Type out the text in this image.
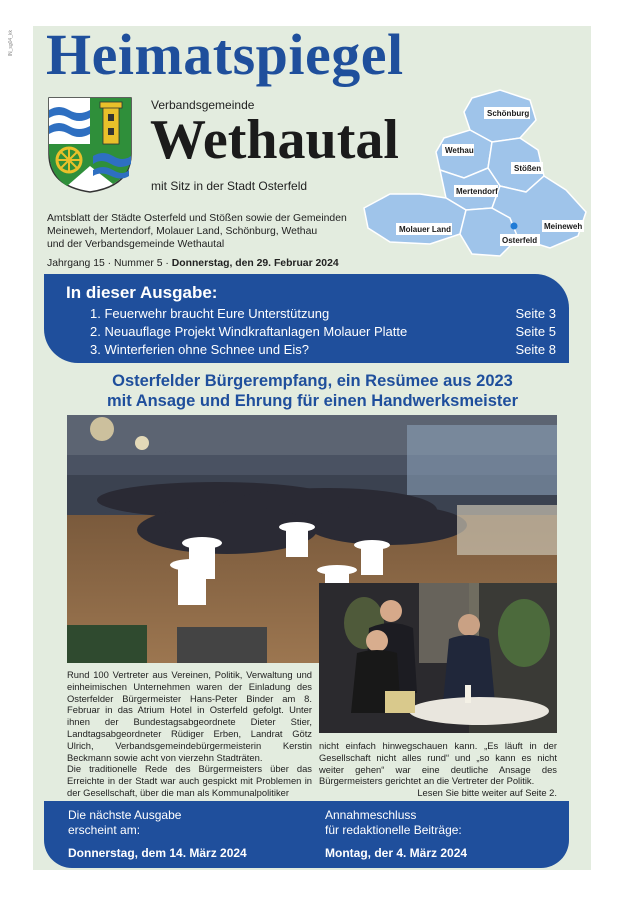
IN_sg04_kk Heimatspiegel
Verbandsgemeinde
Wethautal
mit Sitz in der Stadt Osterfeld
Schönburg
Wethau
Stößen
Mertendorf
Molauer Land
Osterfeld
Meineweh
Amtsblatt der Städte Osterfeld und Stößen sowie der Gemeinden
Meineweh, Mertendorf, Molauer Land, Schönburg, Wethau
und der Verbandsgemeinde Wethautal
Jahrgang 15 · Nummer 5 · Donnerstag, den 29. Februar 2024
In dieser Ausgabe:
1. Feuerwehr braucht Eure Unterstützung	Seite 3
2. Neuauflage Projekt Windkraftanlagen Molauer Platte	Seite 5
3. Winterferien ohne Schnee und Eis?	Seite 8
Osterfelder Bürgerempfang, ein Resümee aus 2023
mit Ansage und Ehrung für einen Handwerksmeister

Rund 100 Vertreter aus Vereinen, Politik, Verwaltung und einheimischen Unternehmen waren der Einladung des Osterfelder Bürgermeister Hans-Peter Binder am 8. Februar in das Atrium Hotel in Osterfeld gefolgt. Unter ihnen der Bundestagsabgeordnete Dieter Stier, Landtagsabgeordneter Rüdiger Erben, Landrat Götz Ulrich, Verbandsgemeindebürgermeisterin Kerstin Beckmann sowie acht von vierzehn Stadträten.

Die traditionelle Rede des Bürgermeisters über das Erreichte in der Stadt war auch gespickt mit Problemen in der Gesellschaft, über die man als Kommunalpolitiker

nicht einfach hinwegschauen kann. „Es läuft in der Gesellschaft nicht alles rund“ und „so kann es nicht weiter gehen“ war eine deutliche Ansage des Bürgermeisters gerichtet an die Vertreter der Politik.

Lesen Sie bitte weiter auf Seite 2.

Die nächste Ausgabe
erscheint am:
Donnerstag, dem 14. März 2024
Annahmeschluss
für redaktionelle Beiträge:
Montag, der 4. März 2024
